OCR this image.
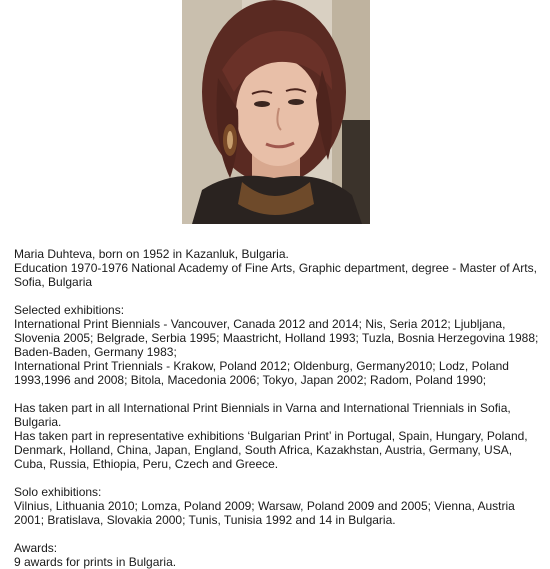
Maria Duhteva, born on 1952 in Kazanluk, Bulgaria.

Education 1970-1976 National Academy of Fine Arts, Graphic department, degree - Master of Arts, Sofia, Bulgaria

Selected exhibitions:

International Print Biennials - Vancouver, Canada 2012 and 2014; Nis, Seria 2012; Ljubljana, Slovenia 2005; Belgrade, Serbia 1995; Maastricht, Holland 1993; Tuzla, Bosnia Herzegovina 1988; Baden-Baden, Germany 1983;

International Print Triennials - Krakow, Poland 2012; Oldenburg, Germany2010; Lodz, Poland 1993,1996 and 2008; Bitola, Macedonia 2006; Tokyo, Japan 2002; Radom, Poland 1990;

Has taken part in all International Print Biennials in Varna and International Triennials in Sofia, Bulgaria.

Has taken part in representative exhibitions ‘Bulgarian Print’ in Portugal, Spain, Hungary, Poland, Denmark, Holland, China, Japan, England, South Africa, Kazakhstan, Austria, Germany, USA, Cuba, Russia, Ethiopia, Peru, Czech and Greece.

Solo exhibitions:

Vilnius, Lithuania 2010; Lomza, Poland 2009; Warsaw, Poland 2009 and 2005; Vienna, Austria 2001; Bratislava, Slovakia 2000; Tunis, Tunisia 1992 and 14 in Bulgaria.

Awards:

9 awards for prints in Bulgaria.
